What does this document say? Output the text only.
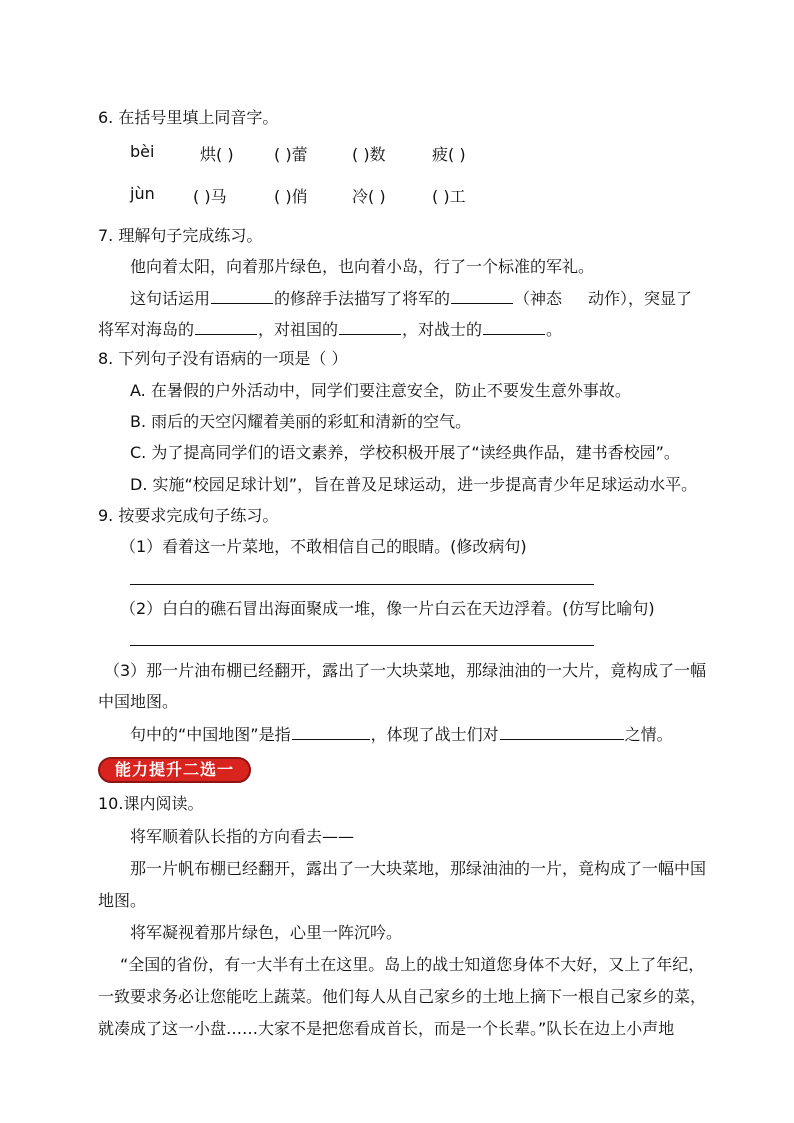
6. 在括号里填上同音字。
bèi	烘( )	( )蕾	( )数	疲( )
jùn ( )马	( )俏	冷( )	( )工
7. 理解句子完成练习。
他向着太阳，向着那片绿色，也向着小岛，行了一个标准的军礼。
这句话运用	的修辞手法描写了将军的	（神态 动作），突显了
将军对海岛的	，对祖国的	，对战士的	。
8. 下列句子没有语病的一项是（ ）
A. 在暑假的户外活动中，同学们要注意安全，防止不要发生意外事故。
B. 雨后的天空闪耀着美丽的彩虹和清新的空气。
C. 为了提高同学们的语文素养，学校积极开展了“读经典作品，建书香校园”。
D. 实施“校园足球计划”，旨在普及足球运动，进一步提高青少年足球运动水平。
9. 按要求完成句子练习。
（1）看着这一片菜地，不敢相信自己的眼睛。(修改病句)
（2）白白的礁石冒出海面聚成一堆，像一片白云在天边浮着。(仿写比喻句)
（3）那一片油布棚已经翻开，露出了一大块菜地，那绿油油的一大片，竟构成了一幅
中国地图。
句中的“中国地图”是指	，体现了战士们对	之情。
能力提升二选一
10.课内阅读。
将军顺着队长指的方向看去——
那一片帆布棚已经翻开，露出了一大块菜地，那绿油油的一片，竟构成了一幅中国
地图。
将军凝视着那片绿色，心里一阵沉吟。
“全国的省份，有一大半有土在这里。岛上的战士知道您身体不大好，又上了年纪，
一致要求务必让您能吃上蔬菜。他们每人从自己家乡的土地上摘下一根自己家乡的菜，
就凑成了这一小盘……大家不是把您看成首长，而是一个长辈。”队长在边上小声地
